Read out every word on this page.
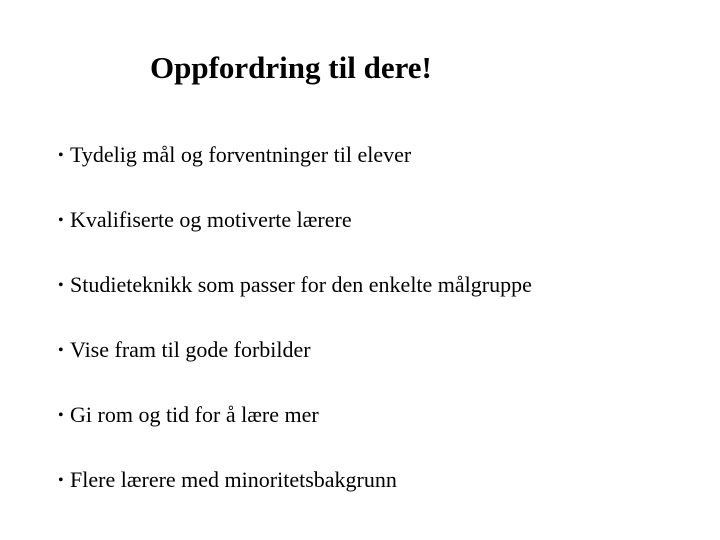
Oppfordring til dere!
• Tydelig mål og forventninger til elever
• Kvalifiserte og motiverte lærere
• Studieteknikk som passer for den enkelte målgruppe
• Vise fram til gode forbilder
• Gi rom og tid for å lære mer
• Flere lærere med minoritetsbakgrunn
